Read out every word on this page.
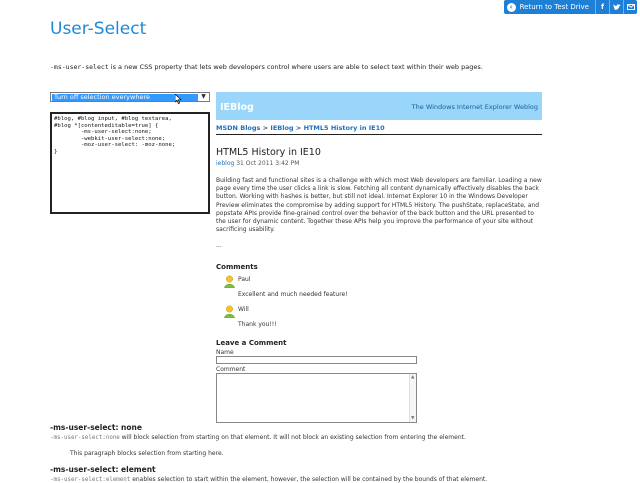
‹	Return to Test Drive	f
User-Select
-ms-user-select is a new CSS property that lets web developers control where users are able to select text within their web pages.
Turn off selection everywhere	▼
#blog, #blog input, #blog textarea,
#blog *[contenteditable=true] {
-ms-user-select:none;
-webkit-user-select:none;
-moz-user-select: -moz-none;
}
IEBlog	The Windows Internet Explorer Weblog
MSDN Blogs > IEBlog > HTML5 History in IE10
HTML5 History in IE10
ieblog 31 Oct 2011 3:42 PM
Building fast and functional sites is a challenge with which most Web developers are familiar. Loading a new page every time the user clicks a link is slow. Fetching all content dynamically effectively disables the back button. Working with hashes is better, but still not ideal. Internet Explorer 10 in the Windows Developer Preview eliminates the compromise by adding support for HTML5 History. The pushState, replaceState, and popstate APIs provide fine-grained control over the behavior of the back button and the URL presented to the user for dynamic content. Together these APIs help you improve the performance of your site without sacrificing usability.
...
Comments
Paul
Excellent and much needed feature!
Will
Thank you!!!
Leave a Comment
Name
Comment
▲
▼
-ms-user-select: none
-ms-user-select:none will block selection from starting on that element. It will not block an existing selection from entering the element.
This paragraph blocks selection from starting here.
-ms-user-select: element
-ms-user-select:element enables selection to start within the element, however, the selection will be contained by the bounds of that element.
